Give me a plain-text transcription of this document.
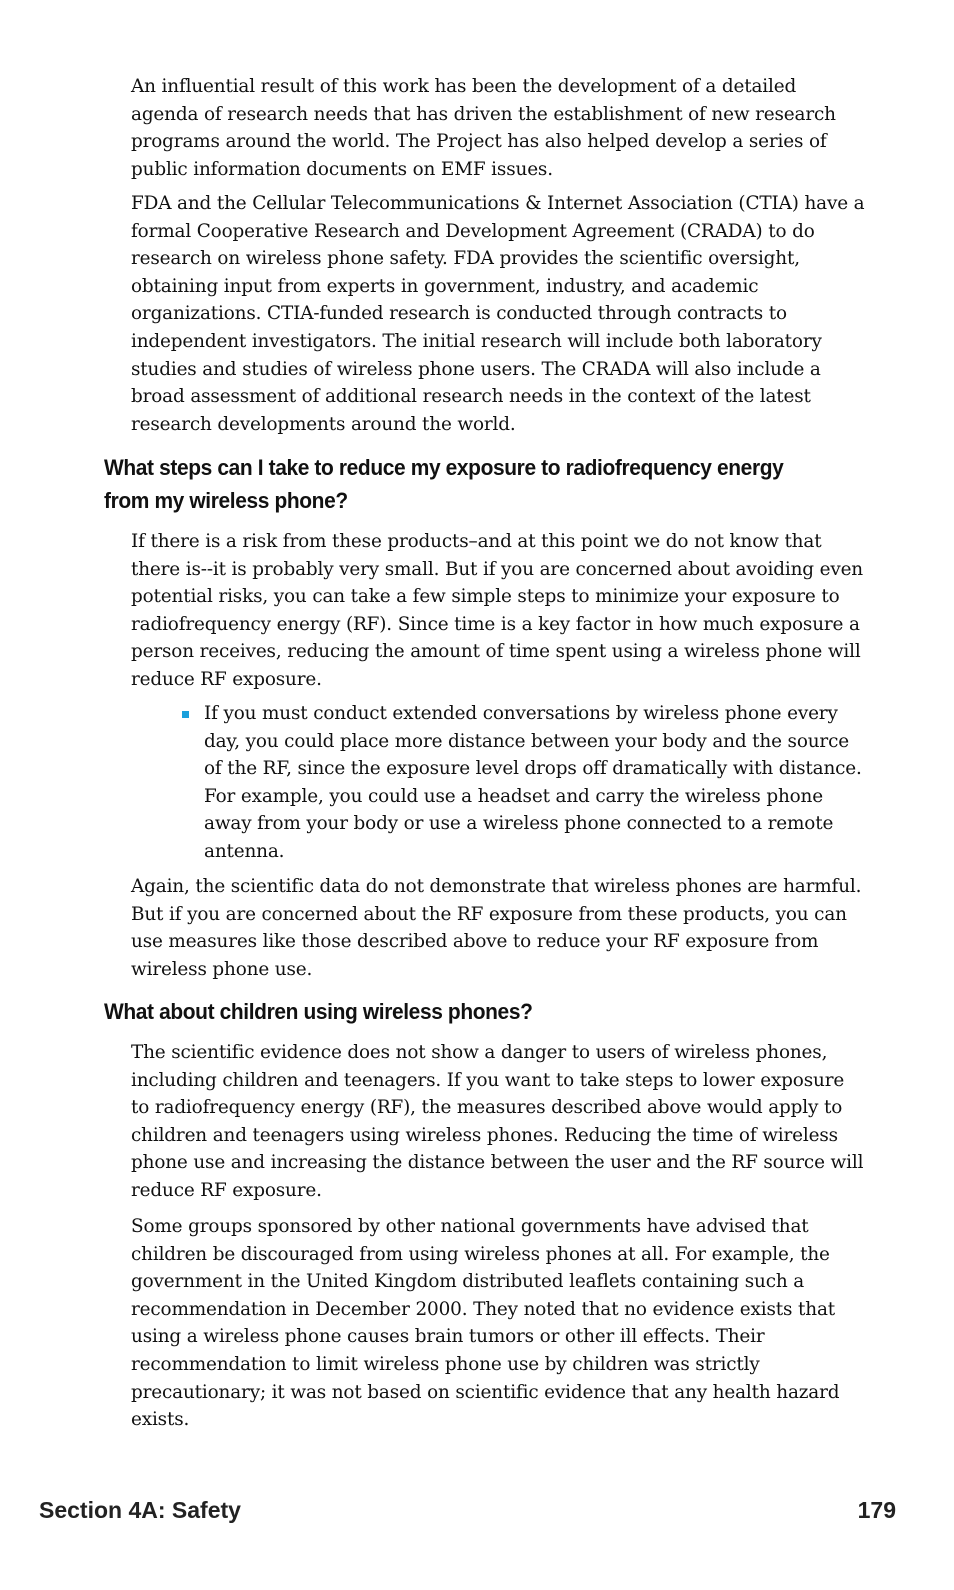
An influential result of this work has been the development of a detailed agenda of research needs that has driven the establishment of new research programs around the world. The Project has also helped develop a series of public information documents on EMF issues.

FDA and the Cellular Telecommunications & Internet Association (CTIA) have a formal Cooperative Research and Development Agreement (CRADA) to do research on wireless phone safety. FDA provides the scientific oversight, obtaining input from experts in government, industry, and academic organizations. CTIA-funded research is conducted through contracts to independent investigators. The initial research will include both laboratory studies and studies of wireless phone users. The CRADA will also include a broad assessment of additional research needs in the context of the latest research developments around the world.

What steps can I take to reduce my exposure to radiofrequency energy from my wireless phone?

If there is a risk from these products–and at this point we do not know that there is--it is probably very small. But if you are concerned about avoiding even potential risks, you can take a few simple steps to minimize your exposure to radiofrequency energy (RF). Since time is a key factor in how much exposure a person receives, reducing the amount of time spent using a wireless phone will reduce RF exposure.

If you must conduct extended conversations by wireless phone every day, you could place more distance between your body and the source of the RF, since the exposure level drops off dramatically with distance. For example, you could use a headset and carry the wireless phone away from your body or use a wireless phone connected to a remote antenna.

Again, the scientific data do not demonstrate that wireless phones are harmful. But if you are concerned about the RF exposure from these products, you can use measures like those described above to reduce your RF exposure from wireless phone use.

What about children using wireless phones?

The scientific evidence does not show a danger to users of wireless phones, including children and teenagers. If you want to take steps to lower exposure to radiofrequency energy (RF), the measures described above would apply to children and teenagers using wireless phones. Reducing the time of wireless phone use and increasing the distance between the user and the RF source will reduce RF exposure.

Some groups sponsored by other national governments have advised that children be discouraged from using wireless phones at all. For example, the government in the United Kingdom distributed leaflets containing such a recommendation in December 2000. They noted that no evidence exists that using a wireless phone causes brain tumors or other ill effects. Their recommendation to limit wireless phone use by children was strictly precautionary; it was not based on scientific evidence that any health hazard exists.

Section 4A: Safety	179
